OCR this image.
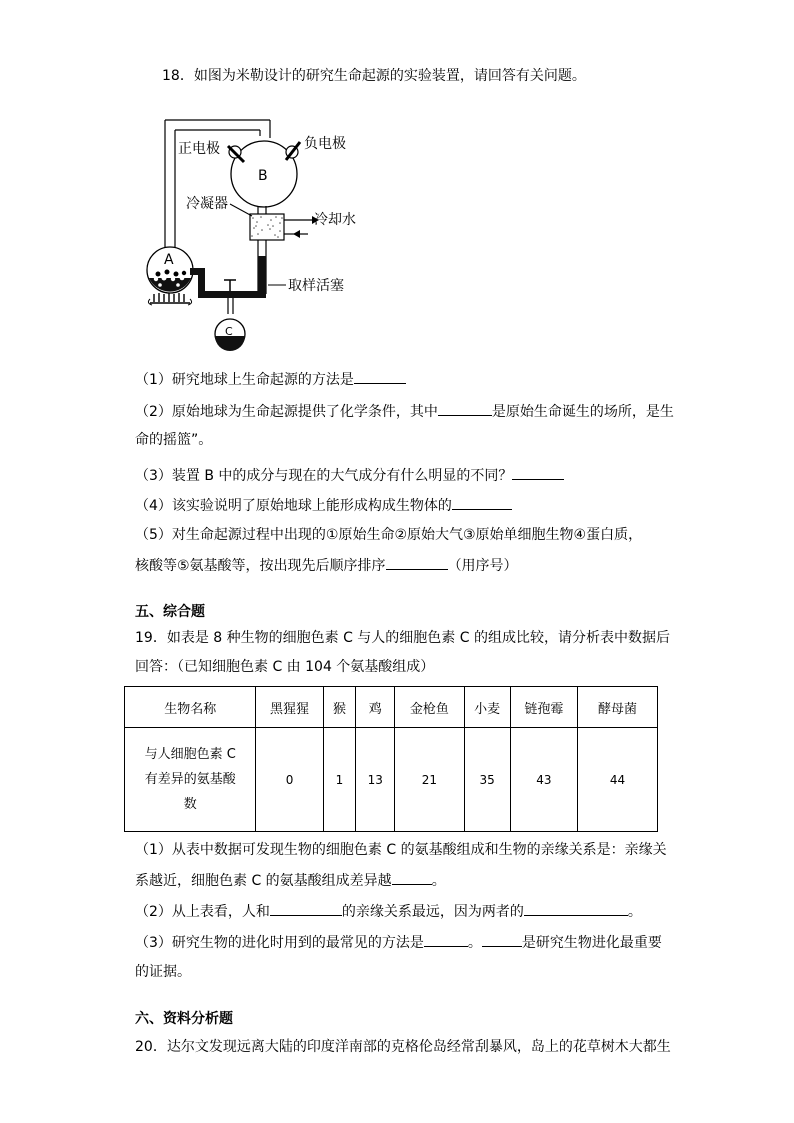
18．如图为米勒设计的研究生命起源的实验装置，请回答有关问题。
B
正电极	负电极
冷凝器
冷却水
A
取样活塞
C
（1）研究地球上生命起源的方法是
（2）原始地球为生命起源提供了化学条件，其中	是原始生命诞生的场所，是生
命的摇篮”。
（3）装置 B 中的成分与现在的大气成分有什么明显的不同？
（4）该实验说明了原始地球上能形成构成生物体的
（5）对生命起源过程中出现的①原始生命②原始大气③原始单细胞生物④蛋白质，
核酸等⑤氨基酸等，按出现先后顺序排序	（用序号）
五、综合题
19．如表是 8 种生物的细胞色素 C 与人的细胞色素 C 的组成比较，请分析表中数据后
回答：（已知细胞色素 C 由 104 个氨基酸组成）
生物名称	黑猩猩	猴	鸡	金枪鱼	小麦	链孢霉	酵母菌

与人细胞色素 C
有差异的氨基酸
数	0	1	13	21	35	43	44
（1）从表中数据可发现生物的细胞色素 C 的氨基酸组成和生物的亲缘关系是：亲缘关
系越近，细胞色素 C 的氨基酸组成差异越	。
（2）从上表看，人和	的亲缘关系最远，因为两者的	。
（3）研究生物的进化时用到的最常见的方法是	。	是研究生物进化最重要
的证据。
六、资料分析题
20．达尔文发现远离大陆的印度洋南部的克格伦岛经常刮暴风，岛上的花草树木大都生
